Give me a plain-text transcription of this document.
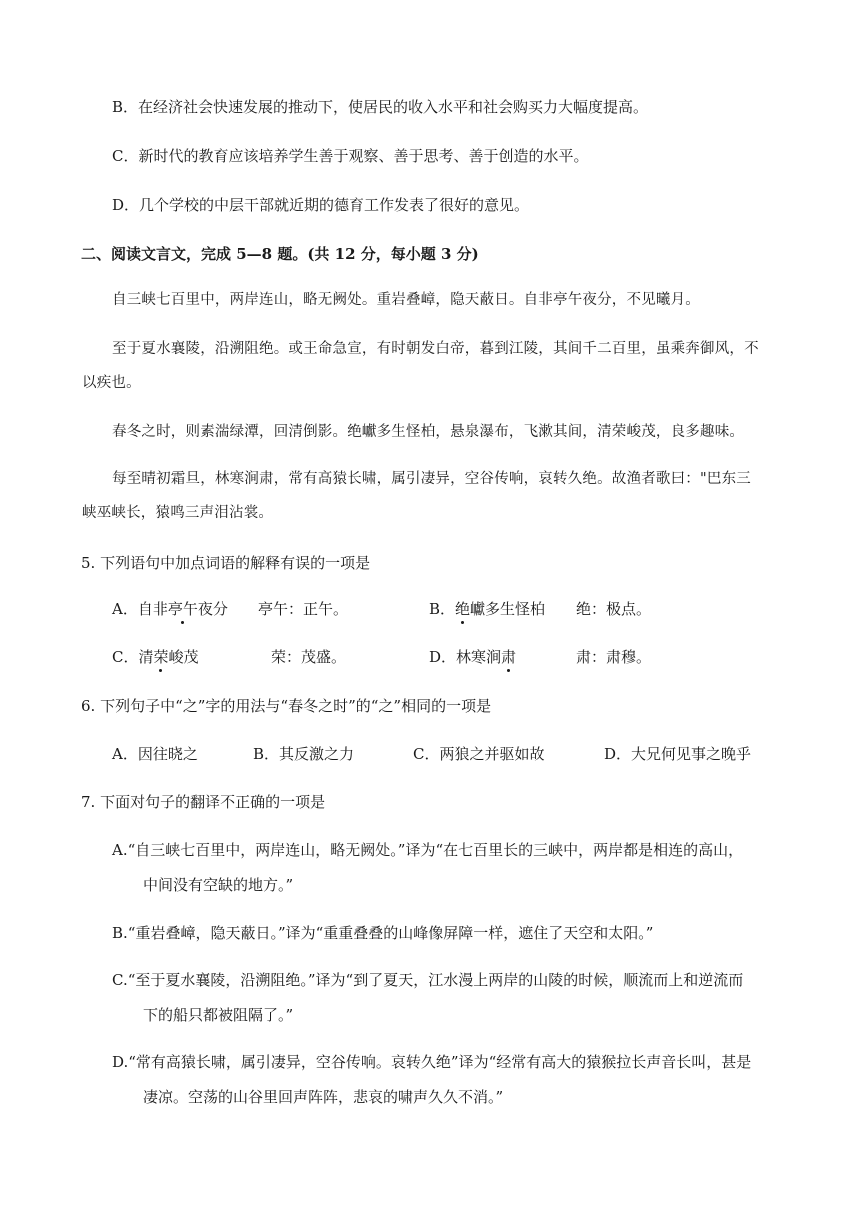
B．在经济社会快速发展的推动下，使居民的收入水平和社会购买力大幅度提高。
C．新时代的教育应该培养学生善于观察、善于思考、善于创造的水平。
D．几个学校的中层干部就近期的德育工作发表了很好的意见。
二、阅读文言文，完成 5—8 题。(共 12 分，每小题 3 分)
自三峡七百里中，两岸连山，略无阙处。重岩叠嶂，隐天蔽日。自非亭午夜分，不见曦月。
至于夏水襄陵，沿溯阻绝。或王命急宣，有时朝发白帝，暮到江陵，其间千二百里，虽乘奔御风，不
以疾也。
春冬之时，则素湍绿潭，回清倒影。绝巘多生怪柏，悬泉瀑布，飞漱其间，清荣峻茂，良多趣味。
每至晴初霜旦，林寒涧肃，常有高猿长啸，属引凄异，空谷传响，哀转久绝。故渔者歌曰："巴东三
峡巫峡长，猿鸣三声泪沾裳。
5. 下列语句中加点词语的解释有误的一项是
A．自非亭午夜分 亭午：正午。	B．绝巘多生怪柏 绝：极点。
C．清荣峻茂	荣：茂盛。	D．林寒涧肃	肃：肃穆。
6. 下列句子中“之”字的用法与“春冬之时”的“之”相同的一项是
A．因往晓之	B．其反激之力	C．两狼之并驱如故	D．大兄何见事之晚乎
7. 下面对句子的翻译不正确的一项是
A.“自三峡七百里中，两岸连山，略无阙处。”译为“在七百里长的三峡中，两岸都是相连的高山，
中间没有空缺的地方。”
B.“重岩叠嶂，隐天蔽日。”译为“重重叠叠的山峰像屏障一样，遮住了天空和太阳。”
C.“至于夏水襄陵，沿溯阻绝。”译为“到了夏天，江水漫上两岸的山陵的时候，顺流而上和逆流而
下的船只都被阻隔了。”
D.“常有高猿长啸，属引凄异，空谷传响。哀转久绝”译为“经常有高大的猿猴拉长声音长叫，甚是
凄凉。空荡的山谷里回声阵阵，悲哀的啸声久久不消。”
